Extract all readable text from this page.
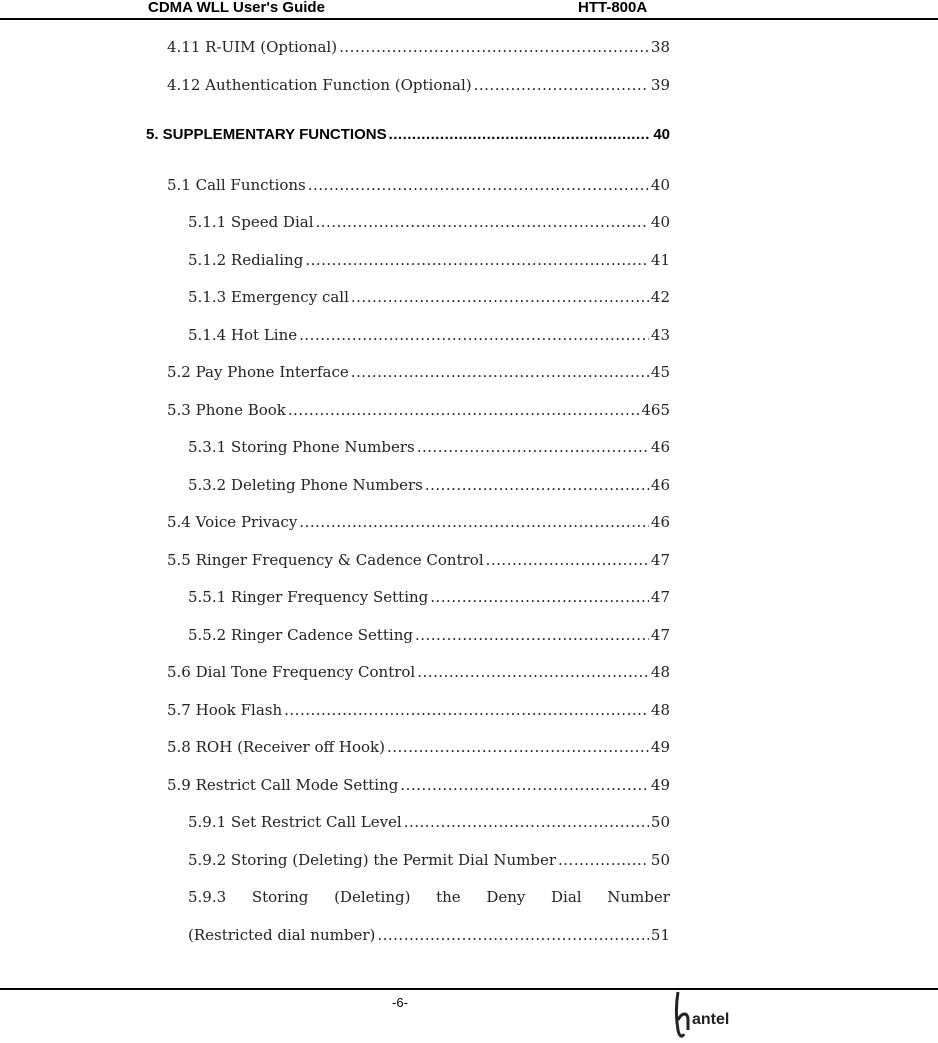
CDMA WLL User's Guide	HTT-800A
4.11 R-UIM (Optional) .....	38
4.12 Authentication Function (Optional) .....	39
5. SUPPLEMENTARY FUNCTIONS .....	40
5.1 Call Functions .....	40
5.1.1 Speed Dial .....	40
5.1.2 Redialing .....	41
5.1.3 Emergency call .....	42
5.1.4 Hot Line .....	43
5.2 Pay Phone Interface .....	45
5.3 Phone Book .....	465
5.3.1 Storing Phone Numbers .....	46
5.3.2 Deleting Phone Numbers .....	46
5.4 Voice Privacy .....	46
5.5 Ringer Frequency & Cadence Control .....	47
5.5.1 Ringer Frequency Setting .....	47
5.5.2 Ringer Cadence Setting .....	47
5.6 Dial Tone Frequency Control .....	48
5.7 Hook Flash .....	48
5.8 ROH (Receiver off Hook) .....	49
5.9 Restrict Call Mode Setting .....	49
5.9.1 Set Restrict Call Level .....	50
5.9.2 Storing (Deleting) the Permit Dial Number .....	50
5.9.3 Storing (Deleting) the Deny Dial Number
(Restricted dial number) .....	51
-6-
antel
